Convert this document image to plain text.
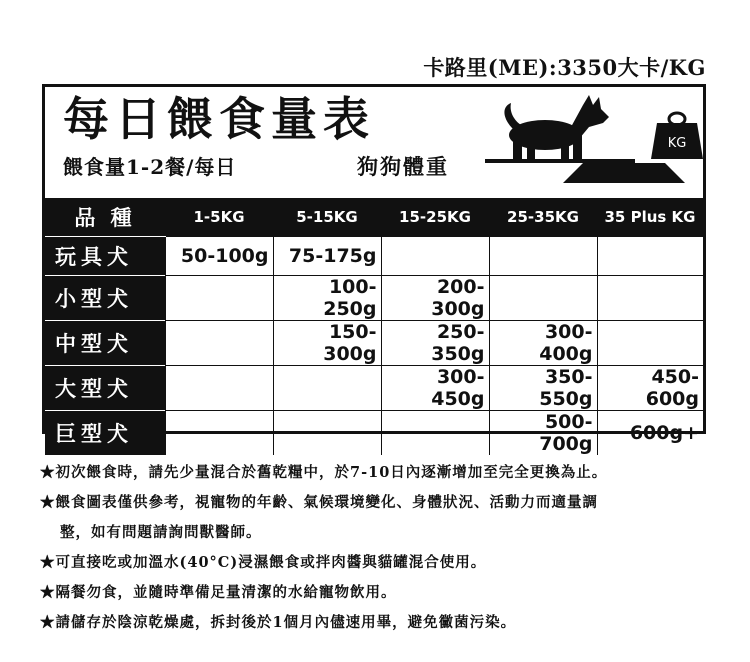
卡路里(ME):3350大卡/KG
每日餵食量表
餵食量1-2餐/每日	狗狗體重
KG
品 種	1-5KG	5-15KG	15-25KG	25-35KG	35 Plus KG
玩具犬	50-100g	75-175g			
小型犬		100-250g	200-300g		
中型犬		150-300g	250-350g	300-400g	
大型犬			300-450g	350-550g	450-600g
巨型犬				500-700g	600g+

★初次餵食時，請先少量混合於舊乾糧中，於7-10日內逐漸增加至完全更換為止。

★餵食圖表僅供參考，視寵物的年齡、氣候環境變化、身體狀況、活動力而適量調

整，如有問題請詢問獸醫師。

★可直接吃或加溫水(40°C)浸濕餵食或拌肉醬與貓罐混合使用。

★隔餐勿食，並隨時準備足量清潔的水給寵物飲用。

★請儲存於陰涼乾燥處，拆封後於1個月內儘速用畢，避免黴菌污染。
